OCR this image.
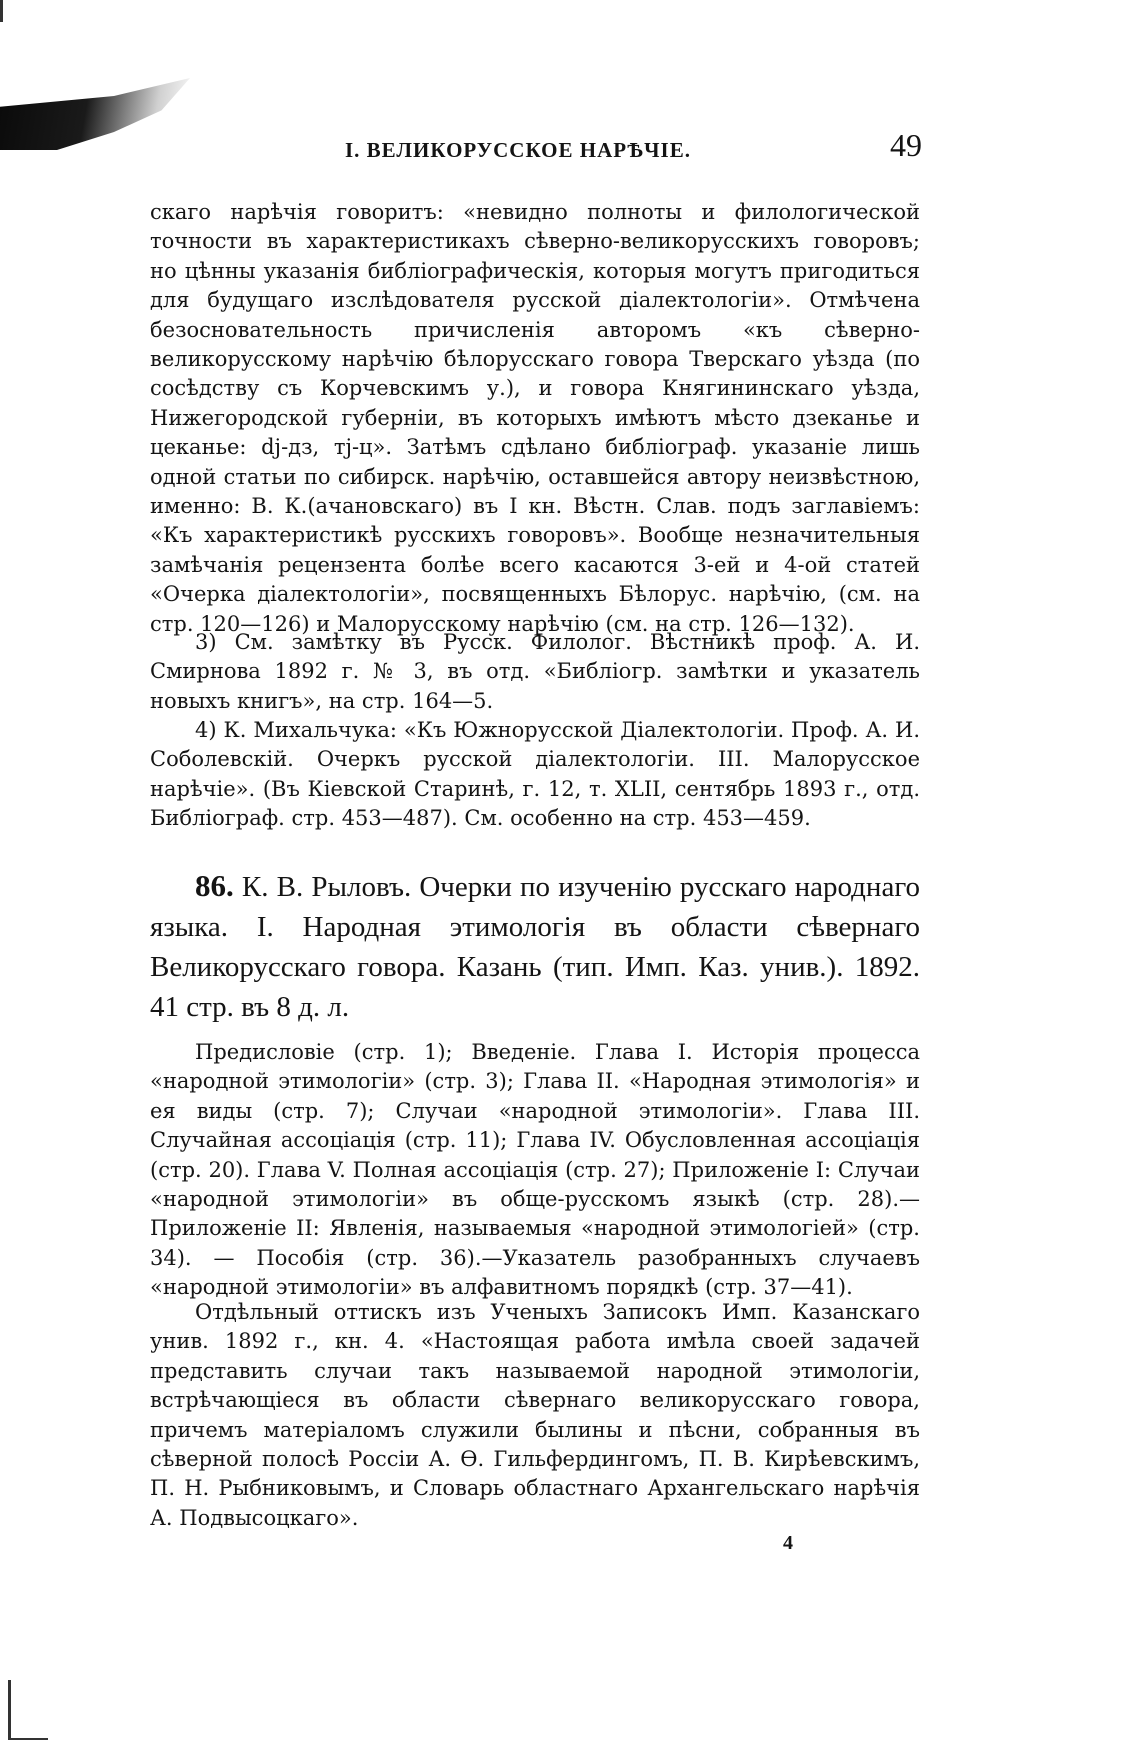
I. ВЕЛИКОРУССКОЕ НАРѢЧІЕ.	49

скаго нарѣчія говоритъ: «невидно полноты и филологической точности въ характеристикахъ сѣверно-великорусскихъ говоровъ; но цѣнны указанія библіографическія, которыя могутъ пригодиться для будущаго изслѣдователя русской діалектологіи». Отмѣчена безосновательность причисленія авторомъ «къ сѣверно-великорусскому нарѣчію бѣлорусскаго говора Тверскаго уѣзда (по сосѣдству съ Корчевскимъ у.), и говора Княгининскаго уѣзда, Нижегородской губерніи, въ которыхъ имѣютъ мѣсто дзеканье и цеканье: dj-дз, тj-ц». Затѣмъ сдѣлано библіограф. указаніе лишь одной статьи по сибирск. нарѣчію, оставшейся автору неизвѣстною, именно: В. К.(ачановскаго) въ I кн. Вѣстн. Слав. подъ заглавіемъ: «Къ характеристикѣ русскихъ говоровъ». Вообще незначительныя замѣчанія рецензента болѣе всего касаются 3-ей и 4-ой статей «Очерка діалектологіи», посвященныхъ Бѣлорус. нарѣчію, (см. на стр. 120—126) и Малорусскому нарѣчію (см. на стр. 126—132).

3) См. замѣтку въ Русск. Филолог. Вѣстникѣ проф. А. И. Смирнова 1892 г. № 3, въ отд. «Библіогр. замѣтки и указатель новыхъ книгъ», на стр. 164—5.

4) К. Михальчука: «Къ Южнорусской Діалектологіи. Проф. А. И. Соболевскій. Очеркъ русской діалектологіи. III. Малорусское нарѣчіе». (Въ Кіевской Старинѣ, г. 12, т. XLII, сентябрь 1893 г., отд. Библіограф. стр. 453—487). См. особенно на стр. 453—459.

86. К. В. Рыловъ. Очерки по изученію русскаго народнаго языка. I. Народная этимологія въ области сѣвернаго Великорусскаго говора. Казань (тип. Имп. Каз. унив.). 1892. 41 стр. въ 8 д. л.

Предисловіе (стр. 1); Введеніе. Глава I. Исторія процесса «народной этимологіи» (стр. 3); Глава II. «Народная этимологія» и ея виды (стр. 7); Случаи «народной этимологіи». Глава III. Случайная ассоціація (стр. 11); Глава IV. Обусловленная ассоціація (стр. 20). Глава V. Полная ассоціація (стр. 27); Приложеніе I: Случаи «народной этимологіи» въ обще-русскомъ языкѣ (стр. 28).—Приложеніе II: Явленія, называемыя «народной этимологіей» (стр. 34). — Пособія (стр. 36).—Указатель разобранныхъ случаевъ «народной этимологіи» въ алфавитномъ порядкѣ (стр. 37—41).

Отдѣльный оттискъ изъ Ученыхъ Записокъ Имп. Казанскаго унив. 1892 г., кн. 4. «Настоящая работа имѣла своей задачей представить случаи такъ называемой народной этимологіи, встрѣчающіеся въ области сѣвернаго великорусскаго говора, причемъ матеріаломъ служили былины и пѣсни, собранныя въ сѣверной полосѣ Россіи А. Ѳ. Гильфердингомъ, П. В. Кирѣевскимъ, П. Н. Рыбниковымъ, и Словарь областнаго Архангельскаго нарѣчія А. Подвысоцкаго».

4
